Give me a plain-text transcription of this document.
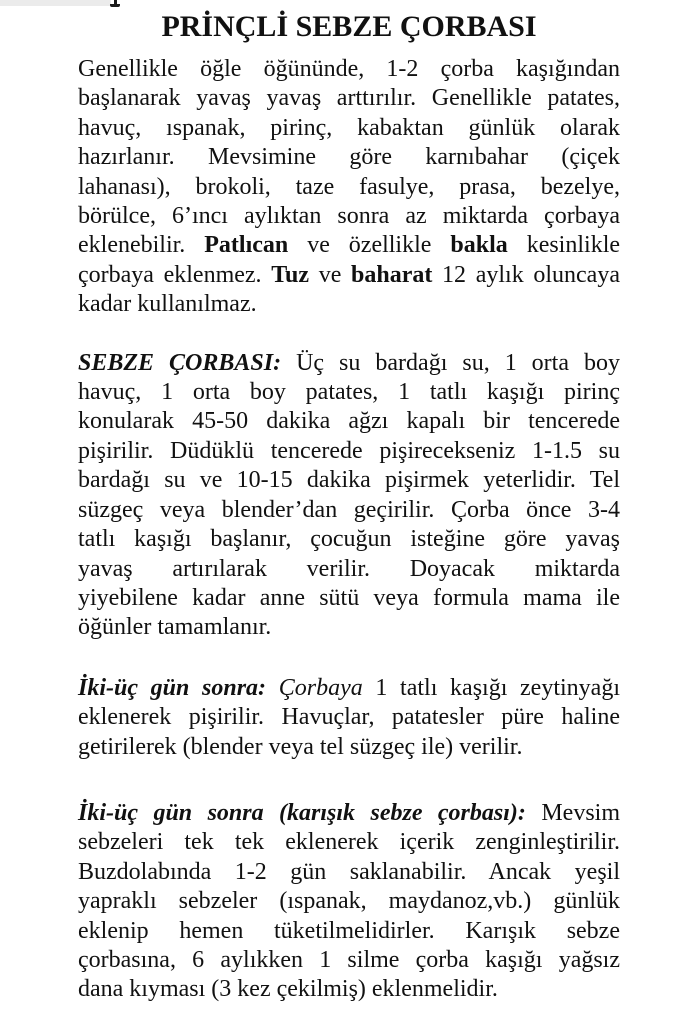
PRİNÇLİ SEBZE ÇORBASI
Genellikle öğle öğününde, 1-2 çorba kaşığından
başlanarak yavaş yavaş arttırılır. Genellikle patates,
havuç, ıspanak, pirinç, kabaktan günlük olarak
hazırlanır. Mevsimine göre karnıbahar (çiçek
lahanası), brokoli, taze fasulye, prasa, bezelye,
börülce, 6’ıncı aylıktan sonra az miktarda çorbaya
eklenebilir. Patlıcan ve özellikle bakla kesinlikle
çorbaya eklenmez. Tuz ve baharat 12 aylık oluncaya
kadar kullanılmaz.
SEBZE ÇORBASI: Üç su bardağı su, 1 orta boy
havuç, 1 orta boy patates, 1 tatlı kaşığı pirinç
konularak 45-50 dakika ağzı kapalı bir tencerede
pişirilir. Düdüklü tencerede pişirecekseniz 1-1.5 su
bardağı su ve 10-15 dakika pişirmek yeterlidir. Tel
süzgeç veya blender’dan geçirilir. Çorba önce 3-4
tatlı kaşığı başlanır, çocuğun isteğine göre yavaş
yavaş artırılarak verilir. Doyacak miktarda
yiyebilene kadar anne sütü veya formula mama ile
öğünler tamamlanır.
İki-üç gün sonra: Çorbaya 1 tatlı kaşığı zeytinyağı
eklenerek pişirilir. Havuçlar, patatesler püre haline
getirilerek (blender veya tel süzgeç ile) verilir.
İki-üç gün sonra (karışık sebze çorbası): Mevsim
sebzeleri tek tek eklenerek içerik zenginleştirilir.
Buzdolabında 1-2 gün saklanabilir. Ancak yeşil
yapraklı sebzeler (ıspanak, maydanoz,vb.) günlük
eklenip hemen tüketilmelidirler. Karışık sebze
çorbasına, 6 aylıkken 1 silme çorba kaşığı yağsız
dana kıyması (3 kez çekilmiş) eklenmelidir.
